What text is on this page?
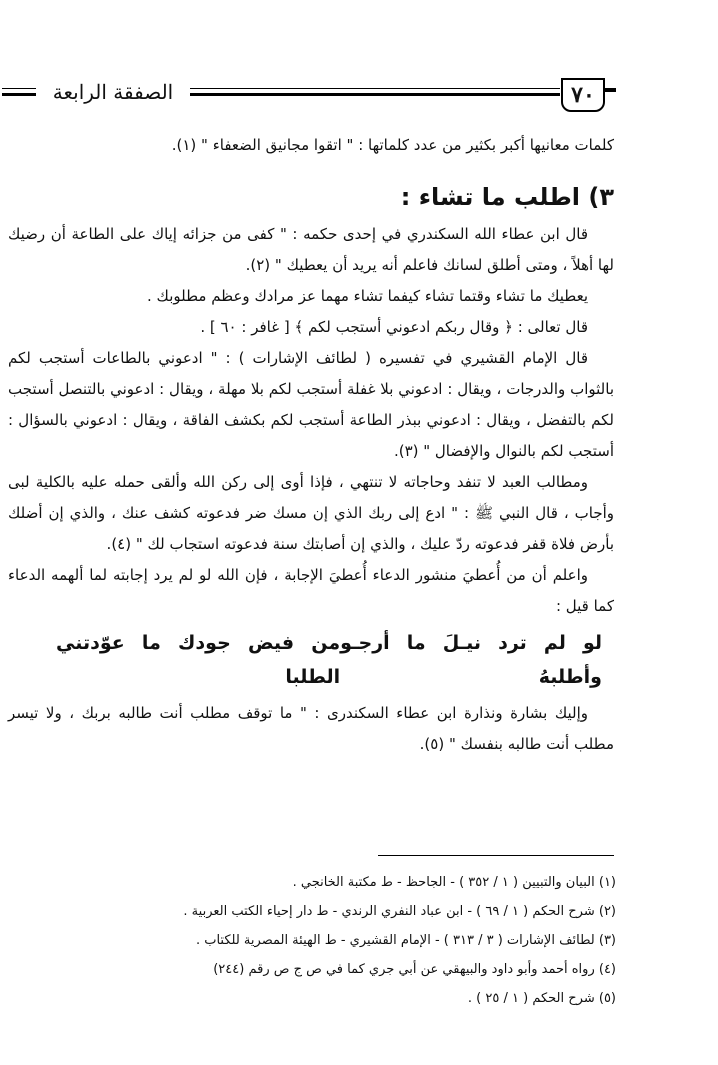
الصفقة الرابعة	٧٠

كلمات معانيها أكبر بكثير من عدد كلماتها : " اتقوا مجانيق الضعفاء " (١).

٣) اطلب ما تشاء :

قال ابن عطاء الله السكندري في إحدى حكمه : " كفى من جزائه إياك على الطاعة أن رضيك لها أهلاً ، ومتى أطلق لسانك فاعلم أنه يريد أن يعطيك " (٢).

يعطيك ما تشاء وقتما تشاء كيفما تشاء مهما عز مرادك وعظم مطلوبك .

قال تعالى : ﴿ وقال ربكم ادعوني أستجب لكم ﴾ [ غافر : ٦٠ ] .

قال الإمام القشيري في تفسيره ( لطائف الإشارات ) : " ادعوني بالطاعات أستجب لكم بالثواب والدرجات ، ويقال : ادعوني بلا غفلة أستجب لكم بلا مهلة ، ويقال : ادعوني بالتنصل أستجب لكم بالتفضل ، ويقال : ادعوني ببذر الطاعة أستجب لكم بكشف الفاقة ، ويقال : ادعوني بالسؤال : أستجب لكم بالنوال والإفضال " (٣).

ومطالب العبد لا تنفد وحاجاته لا تنتهي ، فإذا أوى إلى ركن الله وألقى حمله عليه بالكلية لبى وأجاب ، قال النبي ﷺ : " ادع إلى ربك الذي إن مسك ضر فدعوته كشف عنك ، والذي إن أضلك بأرض فلاة قفر فدعوته ردّ عليك ، والذي إن أصابتك سنة فدعوته استجاب لك " (٤).

واعلم أن من أُعطيَ منشور الدعاء أُعطيَ الإجابة ، فإن الله لو لم يرد إجابته لما ألهمه الدعاء كما قيل :

لو لم ترد نيـلَ ما أرجـو وأطلبهُ
من فيض جودك ما عوّدتني الطلبا

وإليك بشارة ونذارة ابن عطاء السكندرى : " ما توقف مطلب أنت طالبه بربك ، ولا تيسر مطلب أنت طالبه بنفسك " (٥).

(١) البيان والتبيين ( ١ / ٣٥٢ ) - الجاحظ - ط مكتبة الخانجي .
(٢) شرح الحكم ( ١ / ٦٩ ) - ابن عباد النفري الرندي - ط دار إحياء الكتب العربية .
(٣) لطائف الإشارات ( ٣ / ٣١٣ ) - الإمام القشيري - ط الهيئة المصرية للكتاب .
(٤) رواه أحمد وأبو داود والبيهقي عن أبي جري كما في ص ج ص رقم (٢٤٤)
(٥) شرح الحكم ( ١ / ٢٥ ) .
